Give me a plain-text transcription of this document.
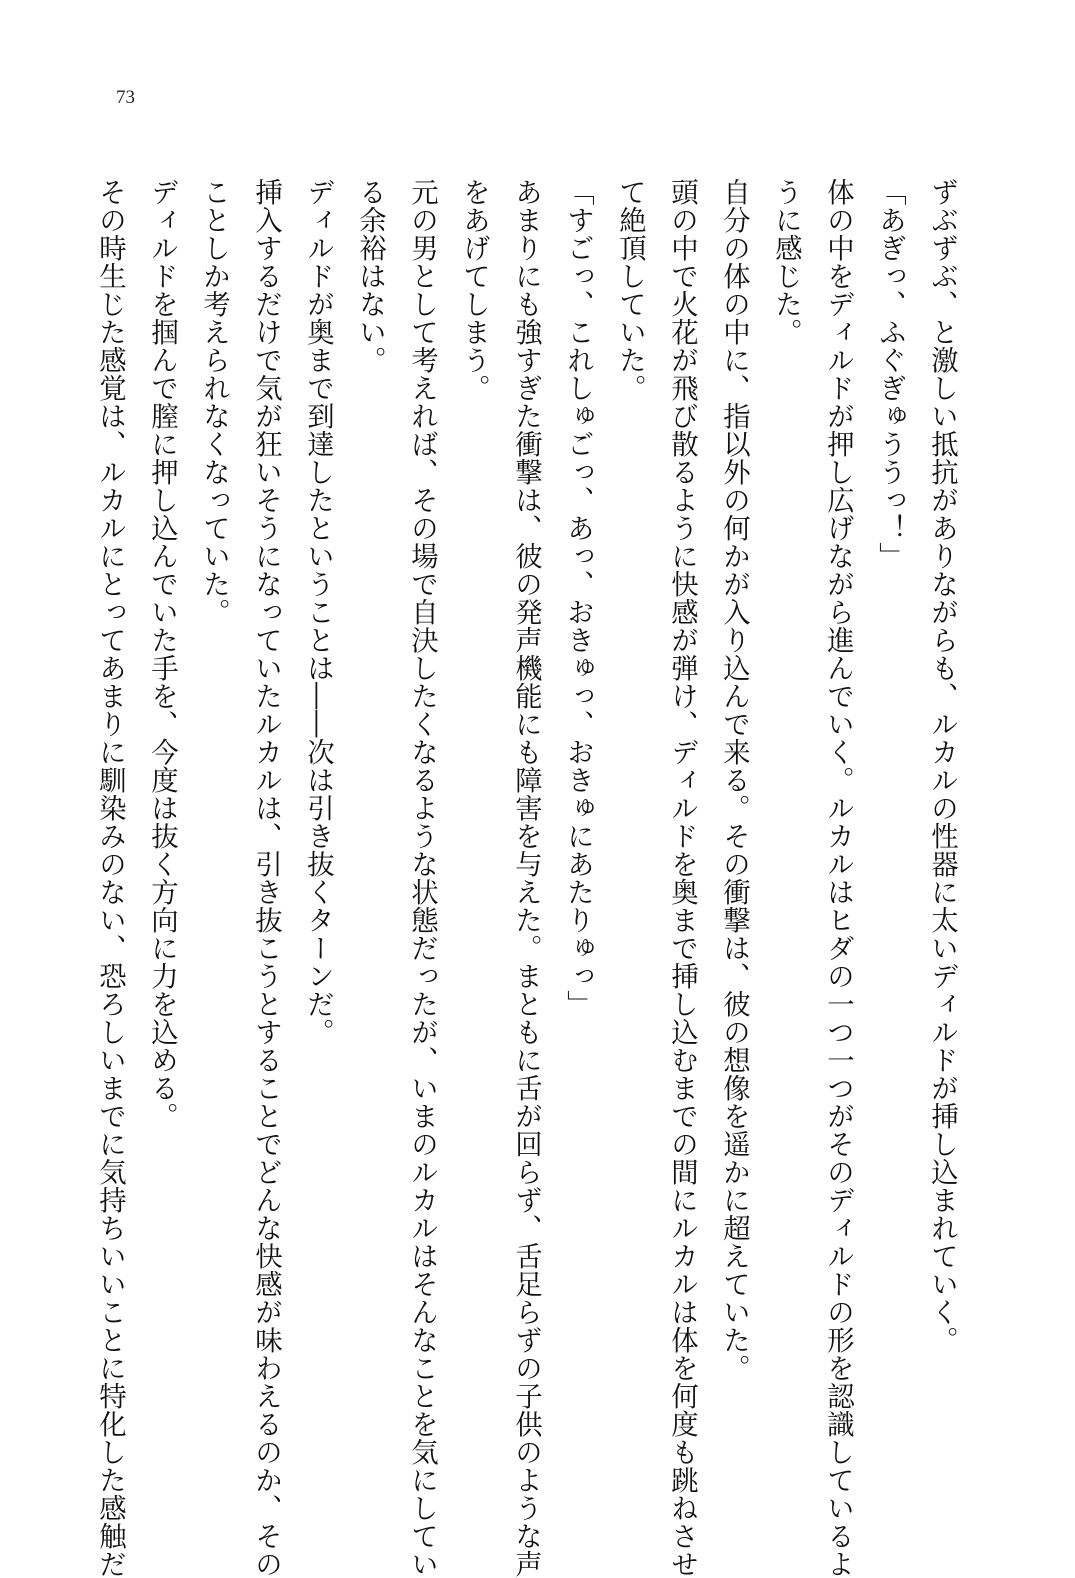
73

ずぶずぶ、と激しい抵抗がありながらも、ルカルの性器に太いディルドが挿し込まれていく。

「あぎっ、ふぐぎゅううっ！」

体の中をディルドが押し広げながら進んでいく。ルカルはヒダの一つ一つがそのディルドの形を認識しているよ

うに感じた。

自分の体の中に、指以外の何かが入り込んで来る。その衝撃は、彼の想像を遥かに超えていた。

頭の中で火花が飛び散るように快感が弾け、ディルドを奥まで挿し込むまでの間にルカルは体を何度も跳ねさせ

て絶頂していた。

「すごっ、これしゅごっ、あっ、おきゅっ、おきゅにあたりゅっ」

あまりにも強すぎた衝撃は、彼の発声機能にも障害を与えた。まともに舌が回らず、舌足らずの子供のような声

をあげてしまう。

元の男として考えれば、その場で自決したくなるような状態だったが、いまのルカルはそんなことを気にしてい

る余裕はない。

ディルドが奥まで到達したということは――次は引き抜くターンだ。

挿入するだけで気が狂いそうになっていたルカルは、引き抜こうとすることでどんな快感が味わえるのか、その

ことしか考えられなくなっていた。

ディルドを掴んで膣に押し込んでいた手を、今度は抜く方向に力を込める。

その時生じた感覚は、ルカルにとってあまりに馴染みのない、恐ろしいまでに気持ちいいことに特化した感触だ
